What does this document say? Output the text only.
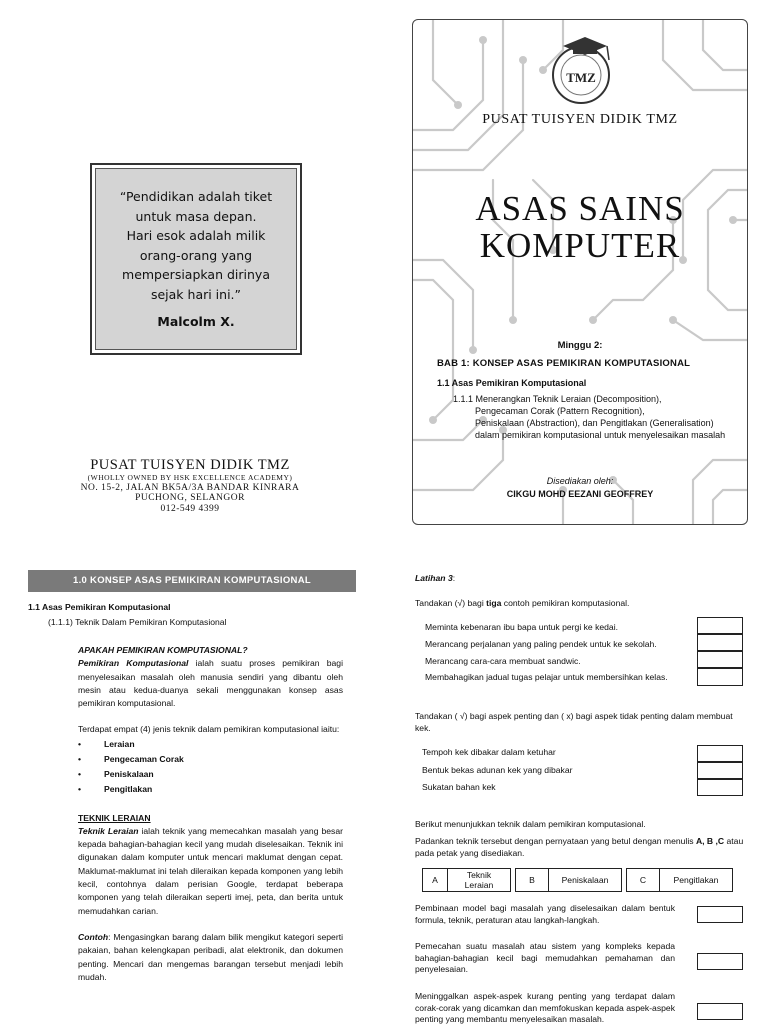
“Pendidikan adalah tiket
untuk masa depan.
Hari esok adalah milik
orang-orang yang
mempersiapkan dirinya
sejak hari ini.”
Malcolm X.
PUSAT TUISYEN DIDIK TMZ
(WHOLLY OWNED BY HSK EXCELLENCE ACADEMY)
NO. 15-2, JALAN BK5A/3A BANDAR KINRARA
PUCHONG, SELANGOR
012-549 4399
TMZ
PUSAT TUISYEN DIDIK TMZ
ASAS SAINS
KOMPUTER
Minggu 2:
BAB 1: KONSEP ASAS PEMIKIRAN KOMPUTASIONAL
1.1 Asas Pemikiran Komputasional
1.1.1 Menerangkan Teknik Leraian (Decomposition),
Pengecaman Corak (Pattern Recognition),
Peniskalaan (Abstraction), dan Pengitlakan (Generalisation)
dalam pemikiran komputasional untuk menyelesaikan masalah
Disediakan oleh:
CIKGU MOHD EEZANI GEOFFREY
1.0 KONSEP ASAS PEMIKIRAN KOMPUTASIONAL
1.1 Asas Pemikiran Komputasional
(1.1.1) Teknik Dalam Pemikiran Komputasional
APAKAH PEMIKIRAN KOMPUTASIONAL?
Pemikiran Komputasional ialah suatu proses pemikiran bagi menyelesaikan masalah oleh manusia sendiri yang dibantu oleh mesin atau kedua-duanya sekali menggunakan konsep asas pemikiran komputasional.
Terdapat empat (4) jenis teknik dalam pemikiran komputasional iaitu:
• Leraian
• Pengecaman Corak
• Peniskalaan
• Pengitlakan
TEKNIK LERAIAN
Teknik Leraian ialah teknik yang memecahkan masalah yang besar kepada bahagian-bahagian kecil yang mudah diselesaikan. Teknik ini digunakan dalam komputer untuk mencari maklumat dengan cepat. Maklumat-maklumat ini telah dileraikan kepada komponen yang lebih kecil, contohnya dalam perisian Google, terdapat beberapa komponen yang telah dileraikan seperti imej, peta, dan berita untuk memudahkan carian.
Contoh: Mengasingkan barang dalam bilik mengikut kategori seperti pakaian, bahan kelengkapan peribadi, alat elektronik, dan dokumen penting. Mencari dan mengemas barangan tersebut menjadi lebih mudah.
Latihan 3:
Tandakan (√) bagi tiga contoh pemikiran komputasional.
Meminta kebenaran ibu bapa untuk pergi ke kedai.
Merancang perjalanan yang paling pendek untuk ke sekolah.
Merancang cara-cara membuat sandwic.
Membahagikan jadual tugas pelajar untuk membersihkan kelas.
Tandakan ( √) bagi aspek penting dan ( x) bagi aspek tidak penting dalam membuat kek.
Tempoh kek dibakar dalam ketuhar
Bentuk bekas adunan kek yang dibakar
Sukatan bahan kek
Berikut menunjukkan teknik dalam pemikiran komputasional.
Padankan teknik tersebut dengan pernyataan yang betul dengan menulis A, B ,C atau pada petak yang disediakan.
A	Teknik Leraian		B	Peniskalaan		C	Pengitlakan
Pembinaan model bagi masalah yang diselesaikan dalam bentuk formula, teknik, peraturan atau langkah-langkah.
Pemecahan suatu masalah atau sistem yang kompleks kepada bahagian-bahagian kecil bagi memudahkan pemahaman dan penyelesaian.
Meninggalkan aspek-aspek kurang penting yang terdapat dalam corak-corak yang dicamkan dan memfokuskan kepada aspek-aspek penting yang membantu menyelesaikan masalah.
